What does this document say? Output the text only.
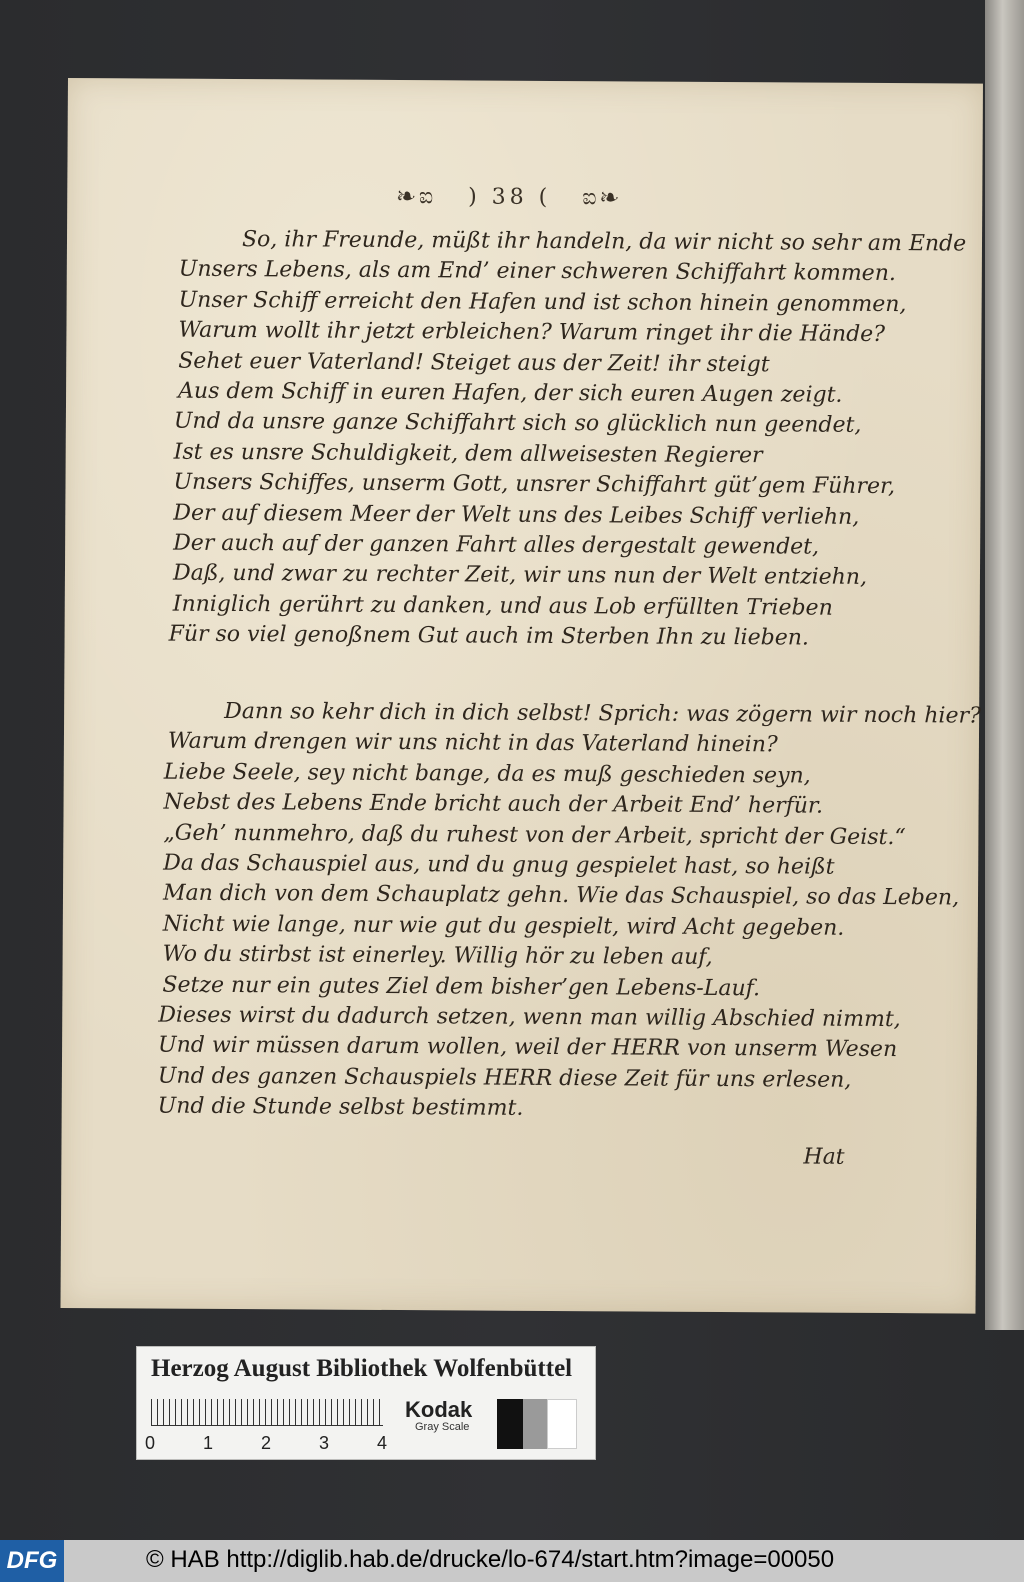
❧ಐ ) 38 ( ಐ❧
So, ihr Freunde, müßt ihr handeln, da wir nicht so sehr am Ende
Unsers Lebens, als am End’ einer schweren Schiffahrt kommen.
Unser Schiff erreicht den Hafen und ist schon hinein genommen,
Warum wollt ihr jetzt erbleichen? Warum ringet ihr die Hände?
Sehet euer Vaterland! Steiget aus der Zeit! ihr steigt
Aus dem Schiff in euren Hafen, der sich euren Augen zeigt.
Und da unsre ganze Schiffahrt sich so glücklich nun geendet,
Ist es unsre Schuldigkeit, dem allweisesten Regierer
Unsers Schiffes, unserm Gott, unsrer Schiffahrt güt’gem Führer,
Der auf diesem Meer der Welt uns des Leibes Schiff verliehn,
Der auch auf der ganzen Fahrt alles dergestalt gewendet,
Daß, und zwar zu rechter Zeit, wir uns nun der Welt entziehn,
Inniglich gerührt zu danken, und aus Lob erfüllten Trieben
Für so viel genoßnem Gut auch im Sterben Ihn zu lieben.
Dann so kehr dich in dich selbst! Sprich: was zögern wir noch hier?
Warum drengen wir uns nicht in das Vaterland hinein?
Liebe Seele, sey nicht bange, da es muß geschieden seyn,
Nebst des Lebens Ende bricht auch der Arbeit End’ herfür.
„Geh’ nunmehro, daß du ruhest von der Arbeit, spricht der Geist.“
Da das Schauspiel aus, und du gnug gespielet hast, so heißt
Man dich von dem Schauplatz gehn. Wie das Schauspiel, so das Leben,
Nicht wie lange, nur wie gut du gespielt, wird Acht gegeben.
Wo du stirbst ist einerley. Willig hör zu leben auf,
Setze nur ein gutes Ziel dem bisher’gen Lebens-Lauf.
Dieses wirst du dadurch setzen, wenn man willig Abschied nimmt,
Und wir müssen darum wollen, weil der HERR von unserm Wesen
Und des ganzen Schauspiels HERR diese Zeit für uns erlesen,
Und die Stunde selbst bestimmt.
Hat
Herzog August Bibliothek Wolfenbüttel
0	1	2	3	4
Kodak
Gray Scale
DFG	© HAB http://diglib.hab.de/drucke/lo-674/start.htm?image=00050
